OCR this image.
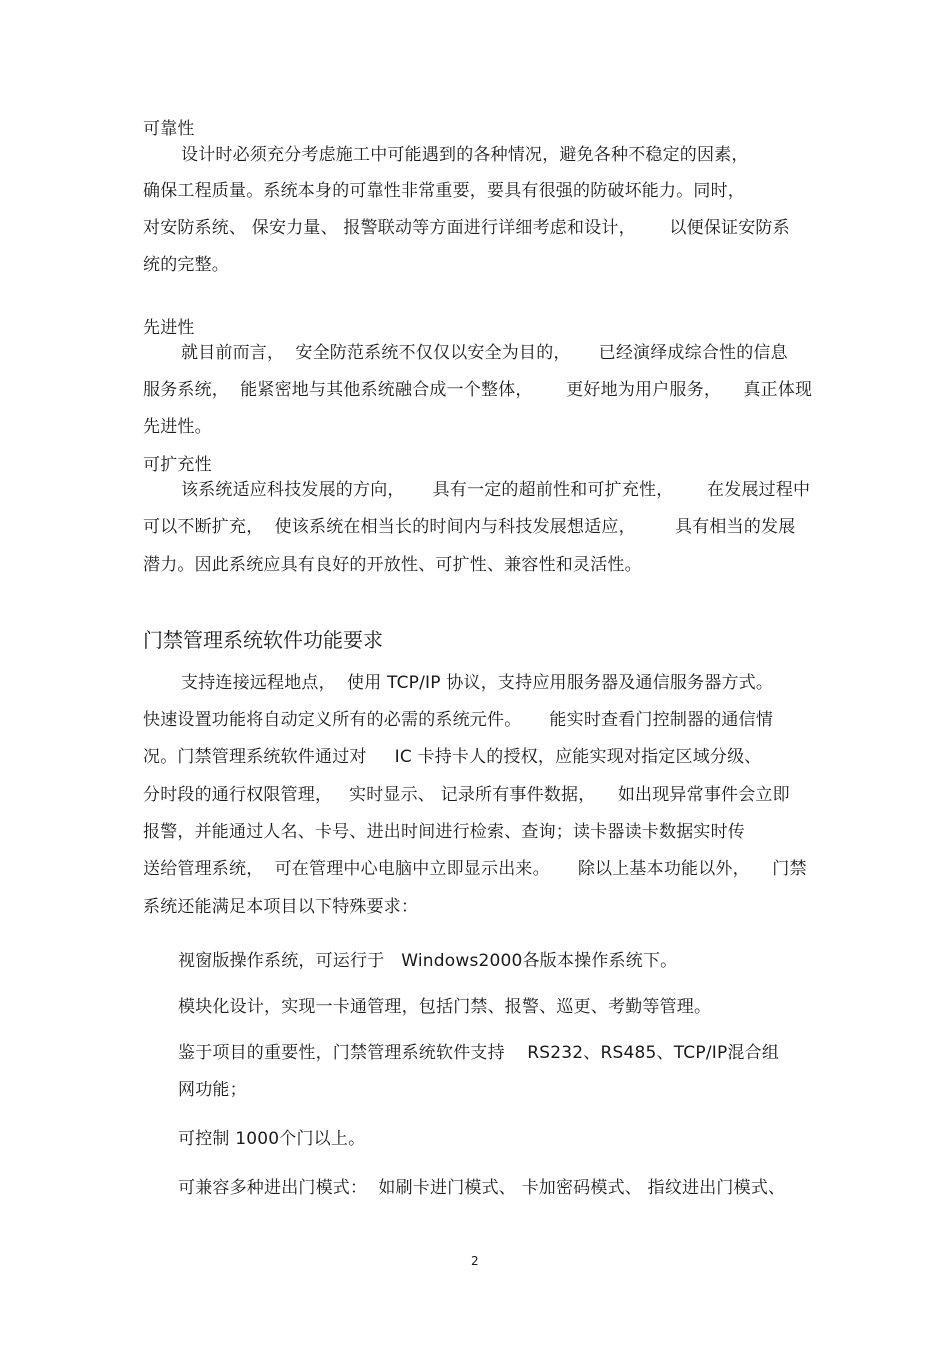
可靠性
设计时必须充分考虑施工中可能遇到的各种情况，避免各种不稳定的因素，
确保工程质量。系统本身的可靠性非常重要，要具有很强的防破坏能力。同时，
对安防系统、 保安力量、 报警联动等方面进行详细考虑和设计，      以便保证安防系
统的完整。
先进性
就目前而言，  安全防范系统不仅仅以安全为目的，     已经演绎成综合性的信息
服务系统，  能紧密地与其他系统融合成一个整体，      更好地为用户服务，    真正体现
先进性。
可扩充性
该系统适应科技发展的方向，     具有一定的超前性和可扩充性，      在发展过程中
可以不断扩充，  使该系统在相当长的时间内与科技发展想适应，       具有相当的发展
潜力。因此系统应具有良好的开放性、可扩性、兼容性和灵活性。
门禁管理系统软件功能要求
支持连接远程地点，  使用 TCP/IP 协议，支持应用服务器及通信服务器方式。
快速设置功能将自动定义所有的必需的系统元件。     能实时查看门控制器的通信情
况。门禁管理系统软件通过对     IC 卡持卡人的授权，应能实现对指定区域分级、
分时段的通行权限管理，   实时显示、 记录所有事件数据，    如出现异常事件会立即
报警，并能通过人名、卡号、进出时间进行检索、查询；读卡器读卡数据实时传
送给管理系统，  可在管理中心电脑中立即显示出来。     除以上基本功能以外，    门禁
系统还能满足本项目以下特殊要求：
视窗版操作系统，可运行于   Windows2000各版本操作系统下。
模块化设计，实现一卡通管理，包括门禁、报警、巡更、考勤等管理。
鉴于项目的重要性，门禁管理系统软件支持    RS232、RS485、TCP/IP混合组
网功能；
可控制 1000个门以上。
可兼容多种进出门模式：  如刷卡进门模式、 卡加密码模式、 指纹进出门模式、
2
